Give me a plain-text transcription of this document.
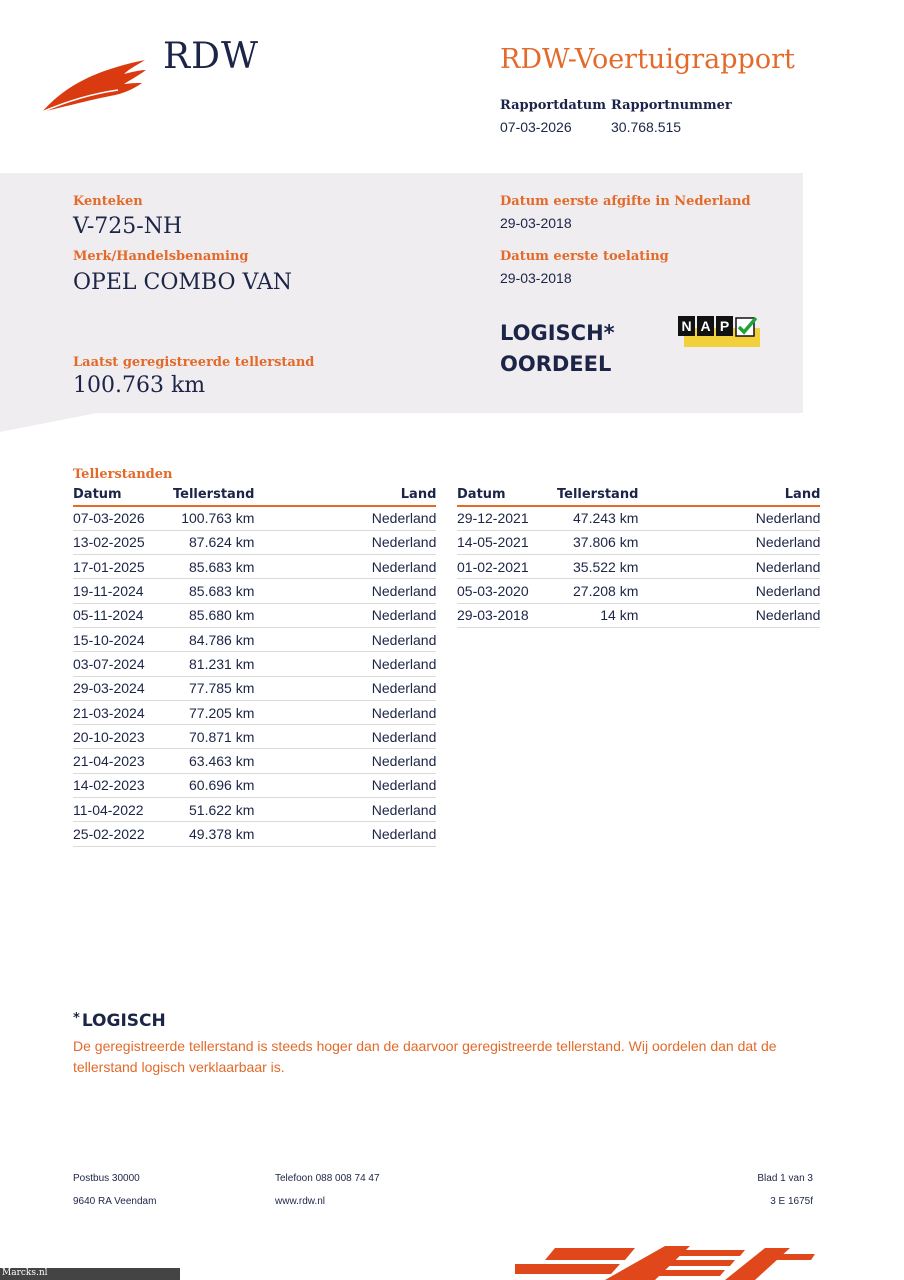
RDW	RDW-Voertuigrapport
Rapportdatum
07-03-2026
Rapportnummer
30.768.515
Kenteken
V-725-NH
Merk/Handelsbenaming
OPEL COMBO VAN
Laatst geregistreerde tellerstand
100.763 km
Datum eerste afgifte in Nederland
29-03-2018
Datum eerste toelating
29-03-2018
LOGISCH*
OORDEEL
N A P
Tellerstanden
Datum	Tellerstand	Land
07-03-2026	100.763 km	Nederland
13-02-2025	87.624 km	Nederland
17-01-2025	85.683 km	Nederland
19-11-2024	85.683 km	Nederland
05-11-2024	85.680 km	Nederland
15-10-2024	84.786 km	Nederland
03-07-2024	81.231 km	Nederland
29-03-2024	77.785 km	Nederland
21-03-2024	77.205 km	Nederland
20-10-2023	70.871 km	Nederland
21-04-2023	63.463 km	Nederland
14-02-2023	60.696 km	Nederland
11-04-2022	51.622 km	Nederland
25-02-2022	49.378 km	Nederland
Datum	Tellerstand	Land
29-12-2021	47.243 km	Nederland
14-05-2021	37.806 km	Nederland
01-02-2021	35.522 km	Nederland
05-03-2020	27.208 km	Nederland
29-03-2018	14 km	Nederland
* LOGISCH
De geregistreerde tellerstand is steeds hoger dan de daarvoor geregistreerde tellerstand. Wij oordelen dan dat de tellerstand logisch verklaarbaar is.
Postbus 30000
9640 RA Veendam
Telefoon 088 008 74 47
www.rdw.nl
Blad 1 van 3
3 E 1675f
Marcks.nl
